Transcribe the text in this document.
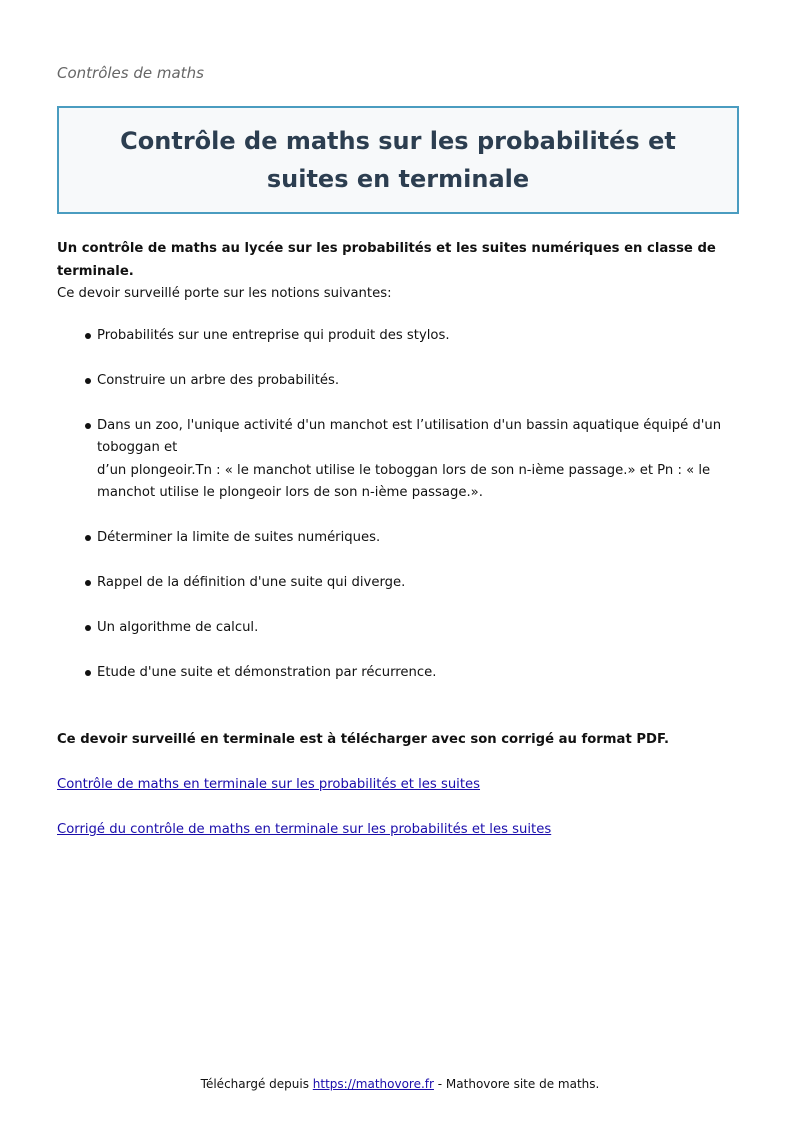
Contrôles de maths
Contrôle de maths sur les probabilités et suites en terminale

Un contrôle de maths au lycée sur les probabilités et les suites numériques en classe de terminale.

Ce devoir surveillé porte sur les notions suivantes:

Probabilités sur une entreprise qui produit des stylos.
Construire un arbre des probabilités.
Dans un zoo, l'unique activité d'un manchot est l’utilisation d'un bassin aquatique équipé d'un toboggan et
d’un plongeoir.Tn : « le manchot utilise le toboggan lors de son n-ième passage.» et Pn : « le manchot utilise le plongeoir lors de son n-ième passage.».
Déterminer la limite de suites numériques.
Rappel de la définition d'une suite qui diverge.
Un algorithme de calcul.
Etude d'une suite et démonstration par récurrence.

Ce devoir surveillé en terminale est à télécharger avec son corrigé au format PDF.

Contrôle de maths en terminale sur les probabilités et les suites
Corrigé du contrôle de maths en terminale sur les probabilités et les suites
Téléchargé depuis https://mathovore.fr - Mathovore site de maths.
